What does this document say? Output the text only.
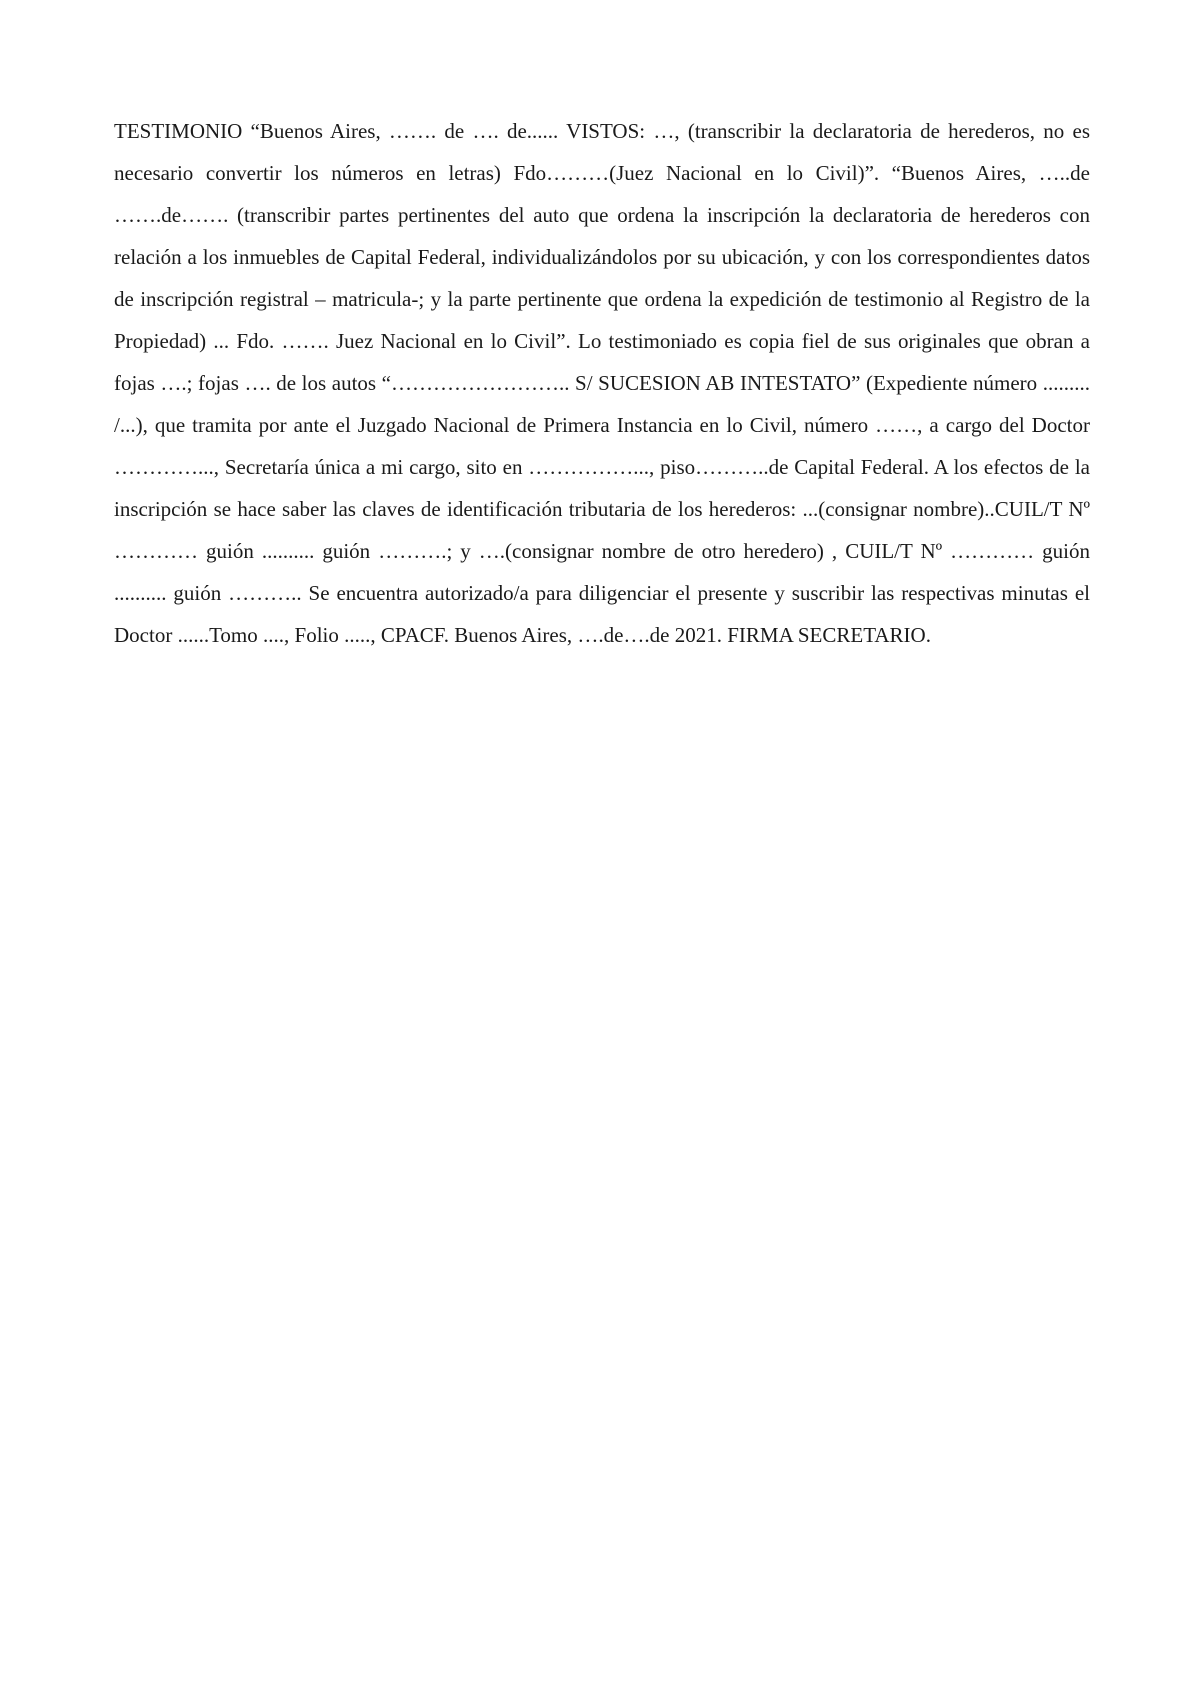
TESTIMONIO “Buenos Aires, ……. de …. de...... VISTOS: …, (transcribir la declaratoria de herederos, no es necesario convertir los números en letras) Fdo………(Juez Nacional en lo Civil)”. “Buenos Aires, …..de …….de……. (transcribir partes pertinentes del auto que ordena la inscripción la declaratoria de herederos con relación a los inmuebles de Capital Federal, individualizándolos por su ubicación, y con los correspondientes datos de inscripción registral – matricula-; y la parte pertinente que ordena la expedición de testimonio al Registro de la Propiedad) ... Fdo. ……. Juez Nacional en lo Civil”. Lo testimoniado es copia fiel de sus originales que obran a fojas ….; fojas …. de los autos “…………………….. S/ SUCESION AB INTESTATO” (Expediente número ......... /...), que tramita por ante el Juzgado Nacional de Primera Instancia en lo Civil, número ……, a cargo del Doctor …………..., Secretaría única a mi cargo, sito en ……………..., piso………..de Capital Federal. A los efectos de la inscripción se hace saber las claves de identificación tributaria de los herederos: ...(consignar nombre)..CUIL/T Nº ………… guión .......... guión ……….; y ….(consignar nombre de otro heredero) , CUIL/T Nº ………… guión .......... guión ……….. Se encuentra autorizado/a para diligenciar el presente y suscribir las respectivas minutas el Doctor ......Tomo ...., Folio ....., CPACF. Buenos Aires, ….de….de 2021. FIRMA SECRETARIO.
